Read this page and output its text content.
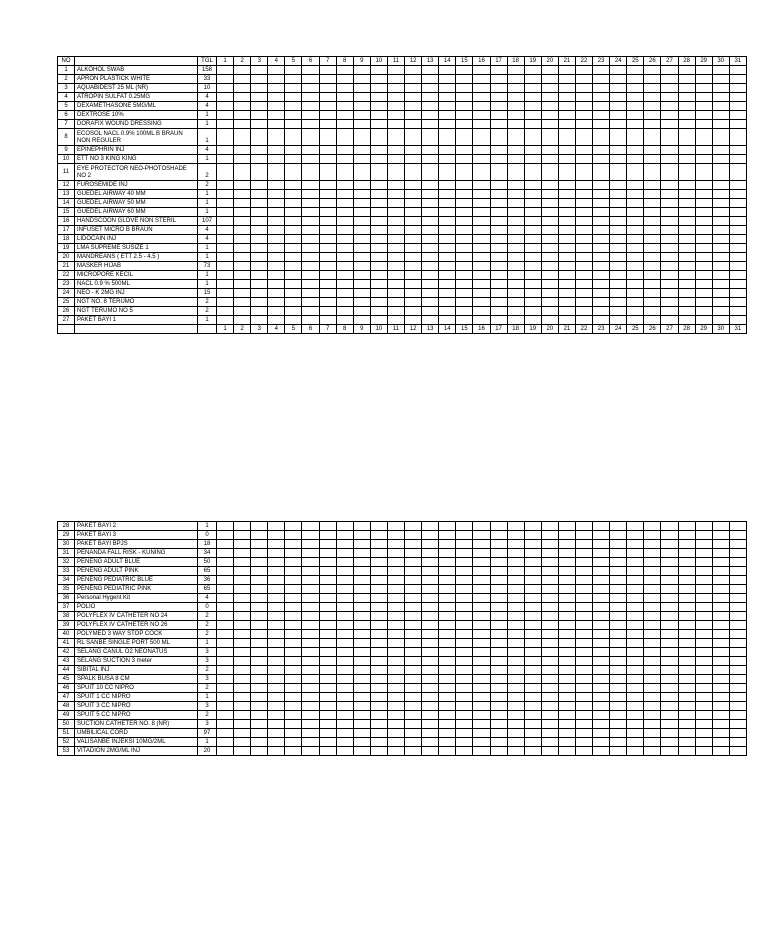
NO		TGL	1	2	3	4	5	6	7	8	9	10	11	12	13	14	15	16	17	18	19	20	21	22	23	24	25	26	27	28	29	30	31
1	ALKOHOL SWAB	158																															
2	APRON PLASTICK WHITE	33																															
3	AQUABIDEST 25 ML (NR)	10																															
4	ATROPIN SULFAT 0.25MG	4																															
5	DEXAMETHASONE 5MG/ML	4																															
6	DEXTROSE 10%	1																															
7	DORAFIX WOUND DRESSING	1																															
8	ECOSOL NACL 0.9% 100ML B BRAUN NON REGULER	1																															
9	EPINEPHRIN INJ	4																															
10	ETT NO 3 KING KING	1																															
11	EYE PROTECTOR NEO-PHOTOSHADE NO 2	2																															
12	FUROSEMIDE INJ	2																															
13	GUEDEL AIRWAY 40 MM	1																															
14	GUEDEL AIRWAY 50 MM	1																															
15	GUEDEL AIRWAY 60 MM	1																															
16	HANDSCOON GLOVE NON STERIL	107																															
17	INFUSET MICRO B BRAUN	4																															
18	LIDOCAIN INJ	4																															
19	LMA SUPREME SUSIZE 1	1																															
20	MANDREANS ( ETT 2.5 - 4.5 )	1																															
21	MASKER HIJAB	73																															
22	MICROPORE KECIL	1																															
23	NACL 0.9 % 500ML	1																															
24	NEO - K 2MG INJ	15																															
25	NGT NO. 8 TERUMO	2																															
26	NGT TERUMO NO 5	2																															
27	PAKET BAYI 1	1																															
			1	2	3	4	5	6	7	8	9	10	11	12	13	14	15	16	17	18	19	20	21	22	23	24	25	26	27	28	29	30	31
28	PAKET BAYI 2	1																															
29	PAKET BAYI 3	0																															
30	PAKET BAYI BPJS	18																															
31	PENANDA FALL RISK - KUNING	34																															
32	PENENG ADULT BLUE	50																															
33	PENENG ADULT PINK	65																															
34	PENENG PEDIATRIC BLUE	36																															
35	PENENG PEDIATRIC PINK	65																															
36	Personal Hygent Kit	4																															
37	POLIO	0																															
38	POLYFLEX IV CATHETER NO 24	2																															
39	POLYFLEX IV CATHETER NO 26	2																															
40	POLYMED 3 WAY STOP COCK	2																															
41	RL SANBE SINGLE PORT 500 ML	1																															
42	SELANG CANUL O2 NEONATUS	3																															
43	SELANG SUCTION 3 meter	3																															
44	SIBITAL INJ	2																															
45	SPALK BUSA 8 CM	3																															
46	SPUIT 10 CC NIPRO	2																															
47	SPUIT 1 CC NIPRO	1																															
48	SPUIT 3 CC NIPRO	3																															
49	SPUIT 5 CC NIPRO	2																															
50	SUCTION CATHETER NO. 8 (NR)	3																															
51	UMBILICAL CORD	97																															
52	VALISANBE INJEKSI 10MG/2ML	1																															
53	VITADION 2MG/ML INJ	20																															
